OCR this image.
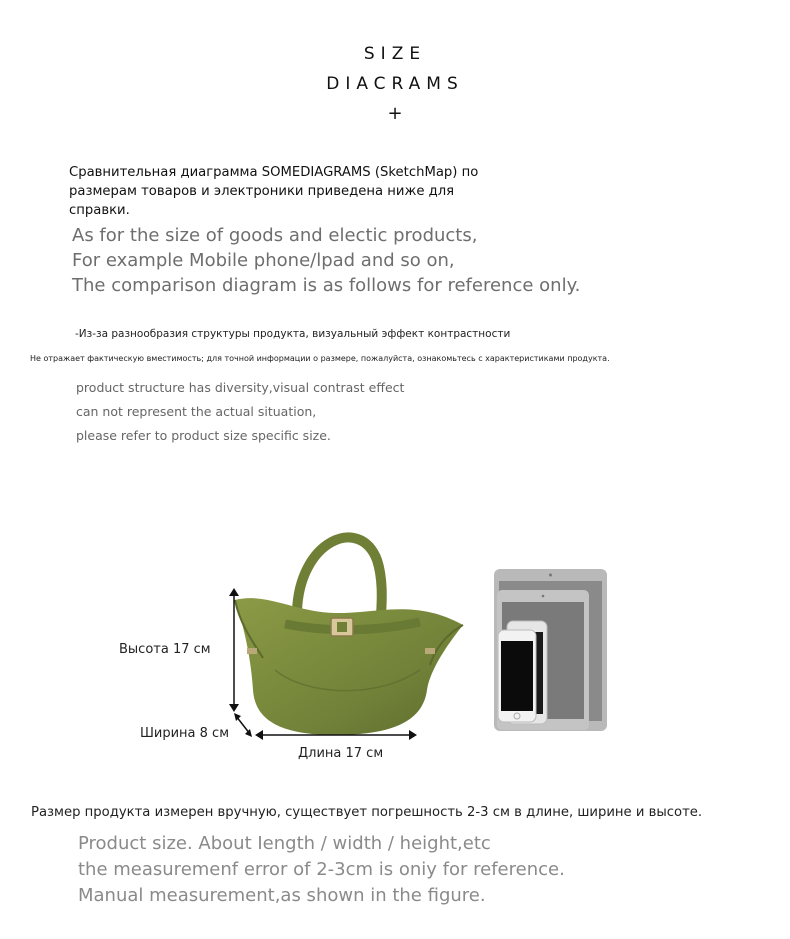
SIZE
DIACRAMS
+
Сравнительная диаграмма SOMEDIAGRAMS (SketchMap) по размерам товаров и электроники приведена ниже для справки.
As for the size of goods and electic products,
For example Mobile phone/lpad and so on,
The comparison diagram is as follows for reference only.
-Из-за разнообразия структуры продукта, визуальный эффект контрастности
Не отражает фактическую вместимость; для точной информации о размере, пожалуйста, ознакомьтесь с характеристиками продукта.
product structure has diversity,visual contrast effect
can not represent the actual situation,
please refer to product size specific size.
Высота 17 см
Ширина 8 см
Длина 17 см
Размер продукта измерен вручную, существует погрешность 2-3 см в длине, ширине и высоте.
Product size. About Iength / width / height,etc
the measuremenf error of 2-3cm is oniy for reference.
Manual measurement,as shown in the figure.
